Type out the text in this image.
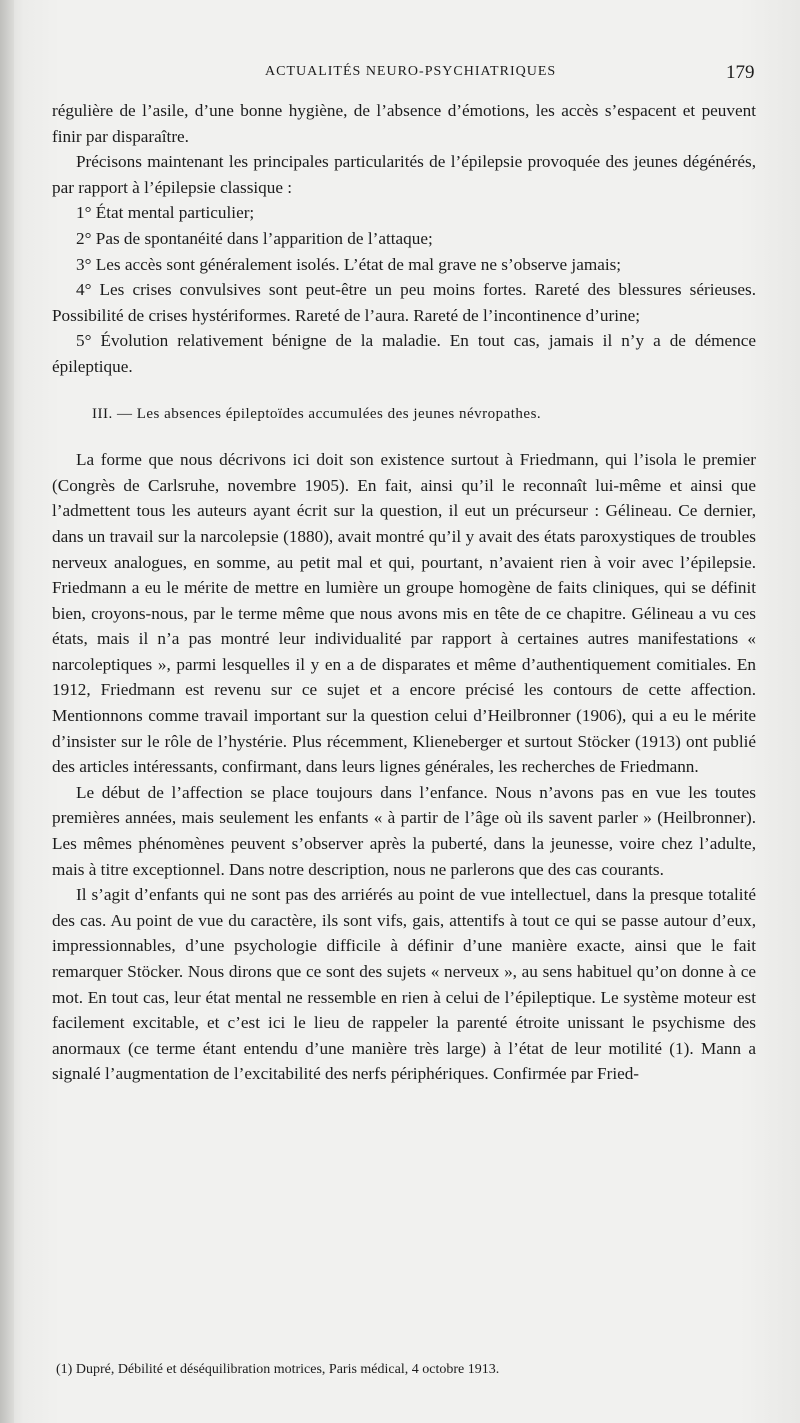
ACTUALITÉS NEURO-PSYCHIATRIQUES	179

régulière de l’asile, d’une bonne hygiène, de l’absence d’émotions, les accès s’espacent et peuvent finir par disparaître.

Précisons maintenant les principales particularités de l’épilepsie provoquée des jeunes dégénérés, par rapport à l’épilepsie classique :

1° État mental particulier;

2° Pas de spontanéité dans l’apparition de l’attaque;

3° Les accès sont généralement isolés. L’état de mal grave ne s’observe jamais;

4° Les crises convulsives sont peut-être un peu moins fortes. Rareté des blessures sérieuses. Possibilité de crises hystériformes. Rareté de l’aura. Rareté de l’incontinence d’urine;

5° Évolution relativement bénigne de la maladie. En tout cas, jamais il n’y a de démence épileptique.

III. — Les absences épileptoïdes accumulées des jeunes névropathes.

La forme que nous décrivons ici doit son existence surtout à Friedmann, qui l’isola le premier (Congrès de Carlsruhe, novembre 1905). En fait, ainsi qu’il le reconnaît lui-même et ainsi que l’admettent tous les auteurs ayant écrit sur la question, il eut un précurseur : Gélineau. Ce dernier, dans un travail sur la narcolepsie (1880), avait montré qu’il y avait des états paroxystiques de troubles nerveux analogues, en somme, au petit mal et qui, pourtant, n’avaient rien à voir avec l’épilepsie. Friedmann a eu le mérite de mettre en lumière un groupe homogène de faits cliniques, qui se définit bien, croyons-nous, par le terme même que nous avons mis en tête de ce chapitre. Gélineau a vu ces états, mais il n’a pas montré leur individualité par rapport à certaines autres manifestations « narcoleptiques », parmi lesquelles il y en a de disparates et même d’authentiquement comitiales. En 1912, Friedmann est revenu sur ce sujet et a encore précisé les contours de cette affection. Mentionnons comme travail important sur la question celui d’Heilbronner (1906), qui a eu le mérite d’insister sur le rôle de l’hystérie. Plus récemment, Klieneberger et surtout Stöcker (1913) ont publié des articles intéressants, confirmant, dans leurs lignes générales, les recherches de Friedmann.

Le début de l’affection se place toujours dans l’enfance. Nous n’avons pas en vue les toutes premières années, mais seulement les enfants « à partir de l’âge où ils savent parler » (Heilbronner). Les mêmes phénomènes peuvent s’observer après la puberté, dans la jeunesse, voire chez l’adulte, mais à titre exceptionnel. Dans notre description, nous ne parlerons que des cas courants.

Il s’agit d’enfants qui ne sont pas des arriérés au point de vue intellectuel, dans la presque totalité des cas. Au point de vue du caractère, ils sont vifs, gais, attentifs à tout ce qui se passe autour d’eux, impressionnables, d’une psychologie difficile à définir d’une manière exacte, ainsi que le fait remarquer Stöcker. Nous dirons que ce sont des sujets « nerveux », au sens habituel qu’on donne à ce mot. En tout cas, leur état mental ne ressemble en rien à celui de l’épileptique. Le système moteur est facilement excitable, et c’est ici le lieu de rappeler la parenté étroite unissant le psychisme des anormaux (ce terme étant entendu d’une manière très large) à l’état de leur motilité (1). Mann a signalé l’augmentation de l’excitabilité des nerfs périphériques. Confirmée par Fried-

(1) Dupré, Débilité et déséquilibration motrices, Paris médical, 4 octobre 1913.
